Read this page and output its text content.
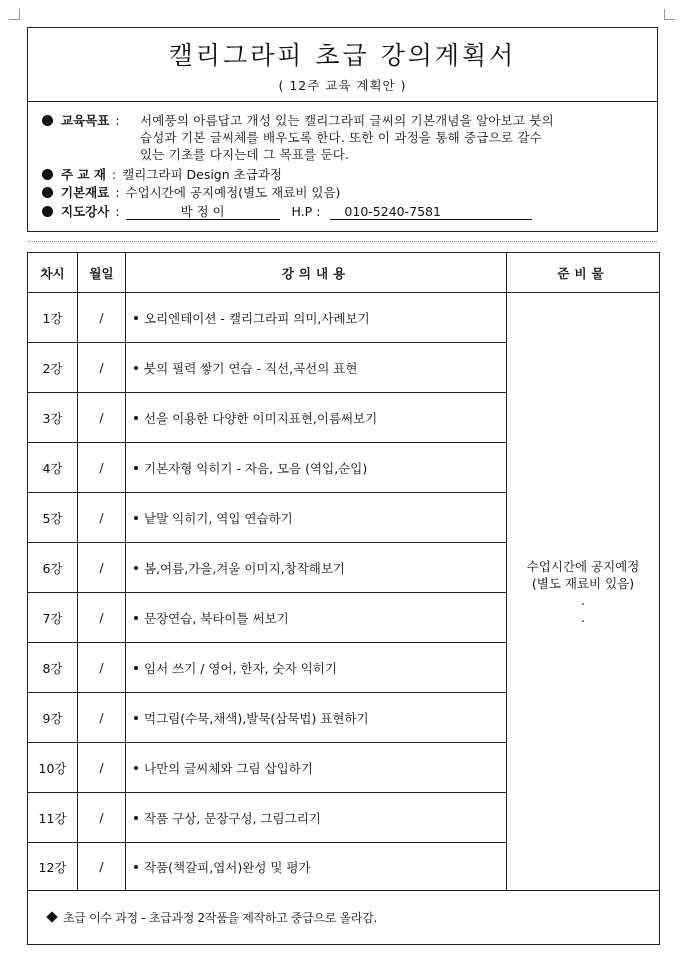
캘리그라피 초급 강의계획서
( 12주 교육 계획안 )
교육목표 :	서예풍의 아름답고 개성 있는 캘리그라피 글씨의 기본개념을 알아보고 붓의
습성과 기본 글씨체를 배우도록 한다. 또한 이 과정을 통해 중급으로 갈수
있는 기초를 다지는데 그 목표를 둔다.
주 교 재 : 캘리그라피 Design 초급과정
기본재료 : 수업시간에 공지예정(별도 재료비 있음)
지도강사 :	박 정 이	H.P : 010-5240-7581
차시	월일	강의내용	준비물
1강	/	오리엔테이션 - 캘리그라피 의미,사례보기	수업시간에 공지예정
(별도 재료비 있음)
.
.

2강	/	붓의 필력 쌓기 연습 - 직선,곡선의 표현	
3강	/	선을 이용한 다양한 이미지표현,이름써보기	
4강	/	기본자형 익히기 - 자음, 모음 (역입,순입)	
5강	/	낱말 익히기, 역입 연습하기	
6강	/	봄,여름,가을,겨울 이미지,창작해보기	
7강	/	문장연습, 북타이틀 써보기	
8강	/	임서 쓰기 / 영어, 한자, 숫자 익히기	
9강	/	먹그림(수묵,채색),발묵(삼묵법) 표현하기	
10강	/	나만의 글씨체와 그림 삽입하기	
11강	/	작품 구상, 문장구성, 그림그리기	
12강	/	작품(책갈피,엽서)완성 및 평가	
초급 이수 과정 - 초급과정 2작품을 제작하고 중급으로 올라감.			
